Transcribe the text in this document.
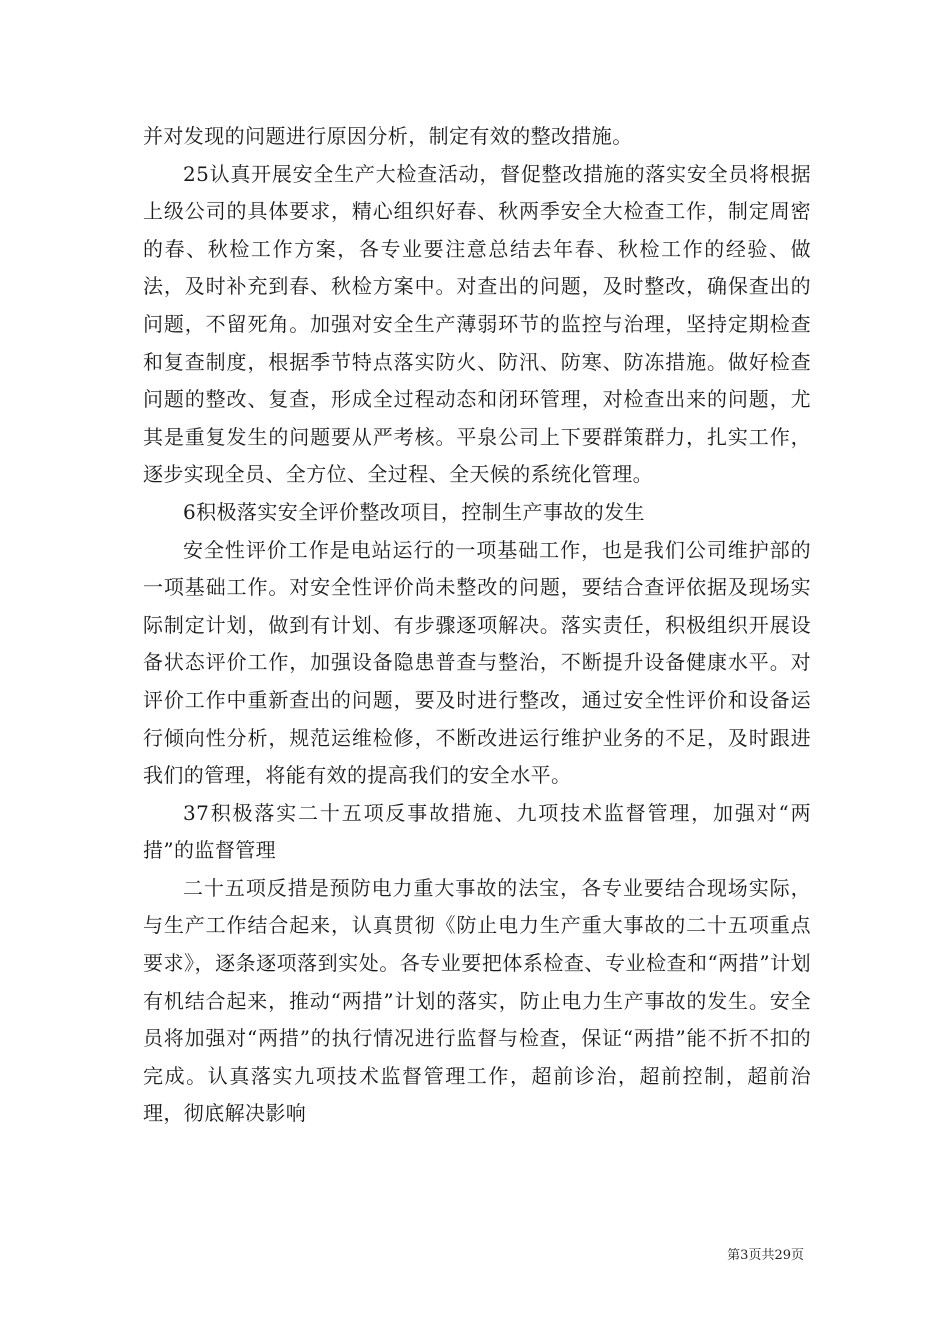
并对发现的问题进行原因分析，制定有效的整改措施。

25认真开展安全生产大检查活动，督促整改措施的落实安全员将根据上级公司的具体要求，精心组织好春、秋两季安全大检查工作，制定周密的春、秋检工作方案，各专业要注意总结去年春、秋检工作的经验、做法，及时补充到春、秋检方案中。对查出的问题，及时整改，确保查出的问题，不留死角。加强对安全生产薄弱环节的监控与治理，坚持定期检查和复查制度，根据季节特点落实防火、防汛、防寒、防冻措施。做好检查问题的整改、复查，形成全过程动态和闭环管理，对检查出来的问题，尤其是重复发生的问题要从严考核。平泉公司上下要群策群力，扎实工作，逐步实现全员、全方位、全过程、全天候的系统化管理。

6积极落实安全评价整改项目，控制生产事故的发生

安全性评价工作是电站运行的一项基础工作，也是我们公司维护部的一项基础工作。对安全性评价尚未整改的问题，要结合查评依据及现场实际制定计划，做到有计划、有步骤逐项解决。落实责任，积极组织开展设备状态评价工作，加强设备隐患普查与整治，不断提升设备健康水平。对评价工作中重新查出的问题，要及时进行整改，通过安全性评价和设备运行倾向性分析，规范运维检修，不断改进运行维护业务的不足，及时跟进我们的管理，将能有效的提高我们的安全水平。

37积极落实二十五项反事故措施、九项技术监督管理，加强对“两措”的监督管理

二十五项反措是预防电力重大事故的法宝，各专业要结合现场实际，与生产工作结合起来，认真贯彻《防止电力生产重大事故的二十五项重点要求》，逐条逐项落到实处。各专业要把体系检查、专业检查和“两措”计划有机结合起来，推动“两措”计划的落实，防止电力生产事故的发生。安全员将加强对“两措”的执行情况进行监督与检查，保证“两措”能不折不扣的完成。认真落实九项技术监督管理工作，超前诊治，超前控制，超前治理，彻底解决影响

第3页共29页
